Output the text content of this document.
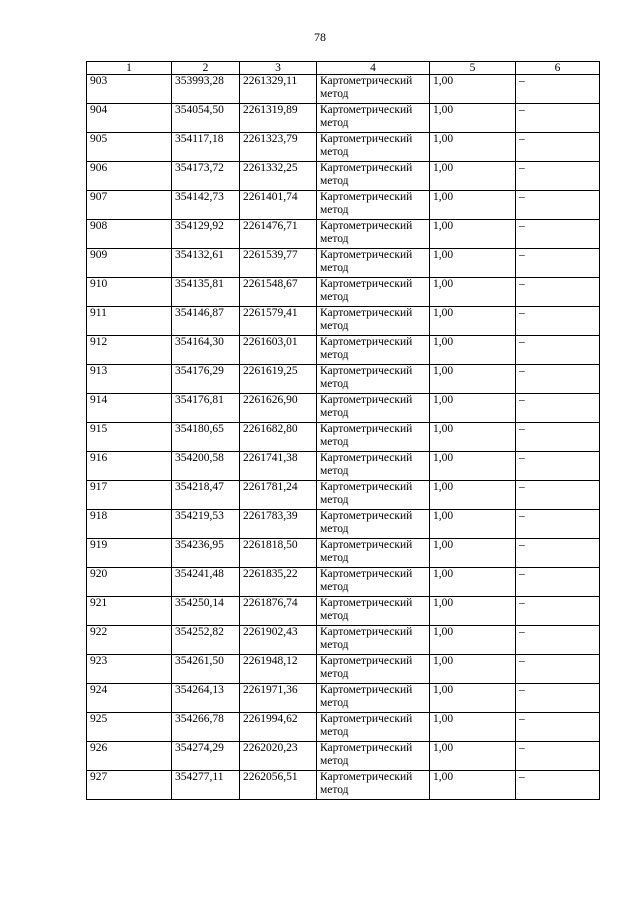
78
1	2	3	4	5	6
903	353993,28	2261329,11	Картометрический метод	1,00	–
904	354054,50	2261319,89	Картометрический метод	1,00	–
905	354117,18	2261323,79	Картометрический метод	1,00	–
906	354173,72	2261332,25	Картометрический метод	1,00	–
907	354142,73	2261401,74	Картометрический метод	1,00	–
908	354129,92	2261476,71	Картометрический метод	1,00	–
909	354132,61	2261539,77	Картометрический метод	1,00	–
910	354135,81	2261548,67	Картометрический метод	1,00	–
911	354146,87	2261579,41	Картометрический метод	1,00	–
912	354164,30	2261603,01	Картометрический метод	1,00	–
913	354176,29	2261619,25	Картометрический метод	1,00	–
914	354176,81	2261626,90	Картометрический метод	1,00	–
915	354180,65	2261682,80	Картометрический метод	1,00	–
916	354200,58	2261741,38	Картометрический метод	1,00	–
917	354218,47	2261781,24	Картометрический метод	1,00	–
918	354219,53	2261783,39	Картометрический метод	1,00	–
919	354236,95	2261818,50	Картометрический метод	1,00	–
920	354241,48	2261835,22	Картометрический метод	1,00	–
921	354250,14	2261876,74	Картометрический метод	1,00	–
922	354252,82	2261902,43	Картометрический метод	1,00	–
923	354261,50	2261948,12	Картометрический метод	1,00	–
924	354264,13	2261971,36	Картометрический метод	1,00	–
925	354266,78	2261994,62	Картометрический метод	1,00	–
926	354274,29	2262020,23	Картометрический метод	1,00	–
927	354277,11	2262056,51	Картометрический метод	1,00	–
